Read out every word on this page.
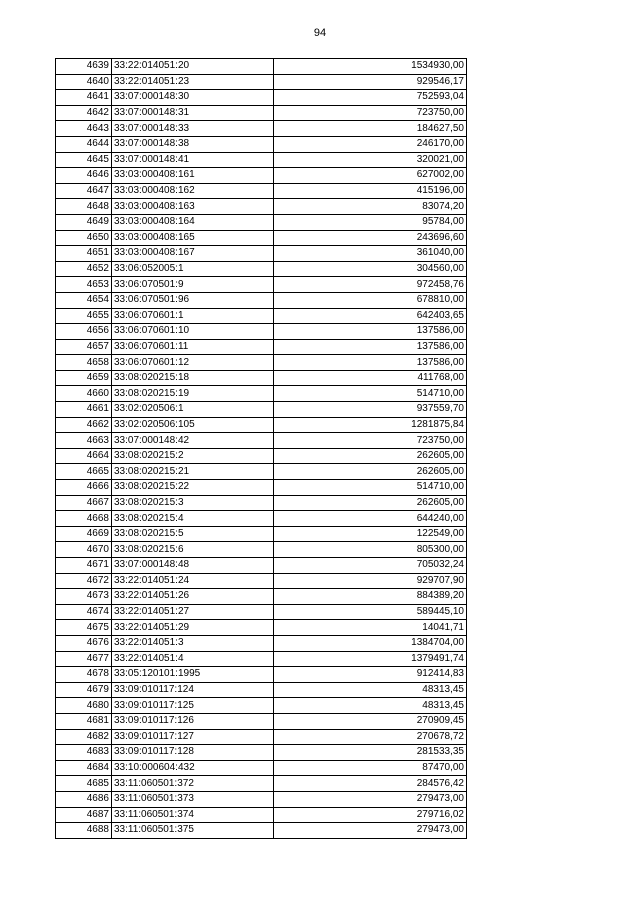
94
4639	33:22:014051:20	1534930,00
4640	33:22:014051:23	929546,17
4641	33:07:000148:30	752593,04
4642	33:07:000148:31	723750,00
4643	33:07:000148:33	184627,50
4644	33:07:000148:38	246170,00
4645	33:07:000148:41	320021,00
4646	33:03:000408:161	627002,00
4647	33:03:000408:162	415196,00
4648	33:03:000408:163	83074,20
4649	33:03:000408:164	95784,00
4650	33:03:000408:165	243696,60
4651	33:03:000408:167	361040,00
4652	33:06:052005:1	304560,00
4653	33:06:070501:9	972458,76
4654	33:06:070501:96	678810,00
4655	33:06:070601:1	642403,65
4656	33:06:070601:10	137586,00
4657	33:06:070601:11	137586,00
4658	33:06:070601:12	137586,00
4659	33:08:020215:18	411768,00
4660	33:08:020215:19	514710,00
4661	33:02:020506:1	937559,70
4662	33:02:020506:105	1281875,84
4663	33:07:000148:42	723750,00
4664	33:08:020215:2	262605,00
4665	33:08:020215:21	262605,00
4666	33:08:020215:22	514710,00
4667	33:08:020215:3	262605,00
4668	33:08:020215:4	644240,00
4669	33:08:020215:5	122549,00
4670	33:08:020215:6	805300,00
4671	33:07:000148:48	705032,24
4672	33:22:014051:24	929707,90
4673	33:22:014051:26	884389,20
4674	33:22:014051:27	589445,10
4675	33:22:014051:29	14041,71
4676	33:22:014051:3	1384704,00
4677	33:22:014051:4	1379491,74
4678	33:05:120101:1995	912414,83
4679	33:09:010117:124	48313,45
4680	33:09:010117:125	48313,45
4681	33:09:010117:126	270909,45
4682	33:09:010117:127	270678,72
4683	33:09:010117:128	281533,35
4684	33:10:000604:432	87470,00
4685	33:11:060501:372	284576,42
4686	33:11:060501:373	279473,00
4687	33:11:060501:374	279716,02
4688	33:11:060501:375	279473,00
